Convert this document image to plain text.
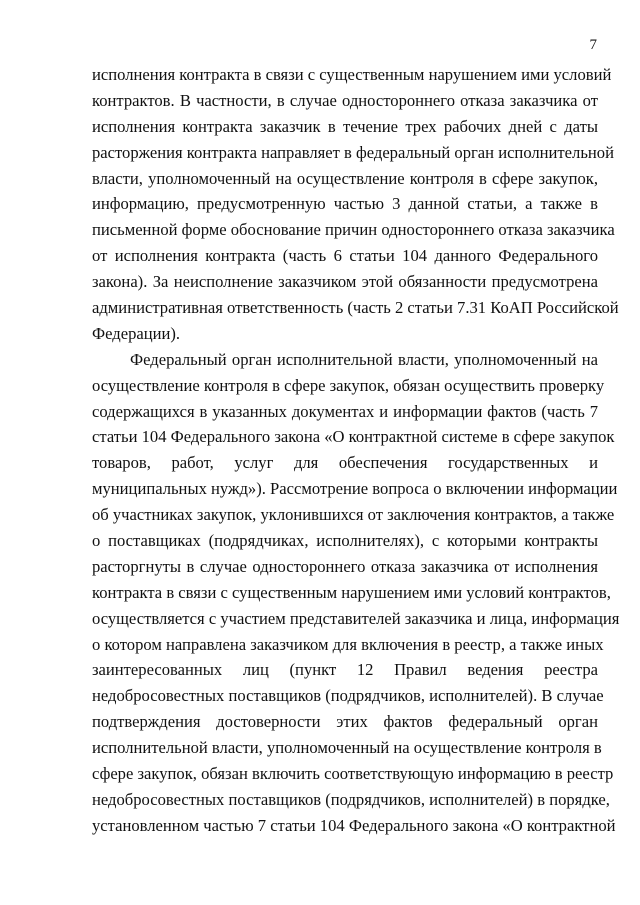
7
исполнения контракта в связи с существенным нарушением ими условий
контрактов. В частности, в случае одностороннего отказа заказчика от
исполнения контракта заказчик в течение трех рабочих дней с даты
расторжения контракта направляет в федеральный орган исполнительной
власти, уполномоченный на осуществление контроля в сфере закупок,
информацию, предусмотренную частью 3 данной статьи, а также в
письменной форме обоснование причин одностороннего отказа заказчика
от исполнения контракта (часть 6 статьи 104 данного Федерального
закона). За неисполнение заказчиком этой обязанности предусмотрена
административная ответственность (часть 2 статьи 7.31 КоАП Российской
Федерации).
Федеральный орган исполнительной власти, уполномоченный на
осуществление контроля в сфере закупок, обязан осуществить проверку
содержащихся в указанных документах и информации фактов (часть 7
статьи 104 Федерального закона «О контрактной системе в сфере закупок
товаров, работ, услуг для обеспечения государственных и
муниципальных нужд»). Рассмотрение вопроса о включении информации
об участниках закупок, уклонившихся от заключения контрактов, а также
о поставщиках (подрядчиках, исполнителях), с которыми контракты
расторгнуты в случае одностороннего отказа заказчика от исполнения
контракта в связи с существенным нарушением ими условий контрактов,
осуществляется с участием представителей заказчика и лица, информация
о котором направлена заказчиком для включения в реестр, а также иных
заинтересованных лиц (пункт 12 Правил ведения реестра
недобросовестных поставщиков (подрядчиков, исполнителей). В случае
подтверждения достоверности этих фактов федеральный орган
исполнительной власти, уполномоченный на осуществление контроля в
сфере закупок, обязан включить соответствующую информацию в реестр
недобросовестных поставщиков (подрядчиков, исполнителей) в порядке,
установленном частью 7 статьи 104 Федерального закона «О контрактной
